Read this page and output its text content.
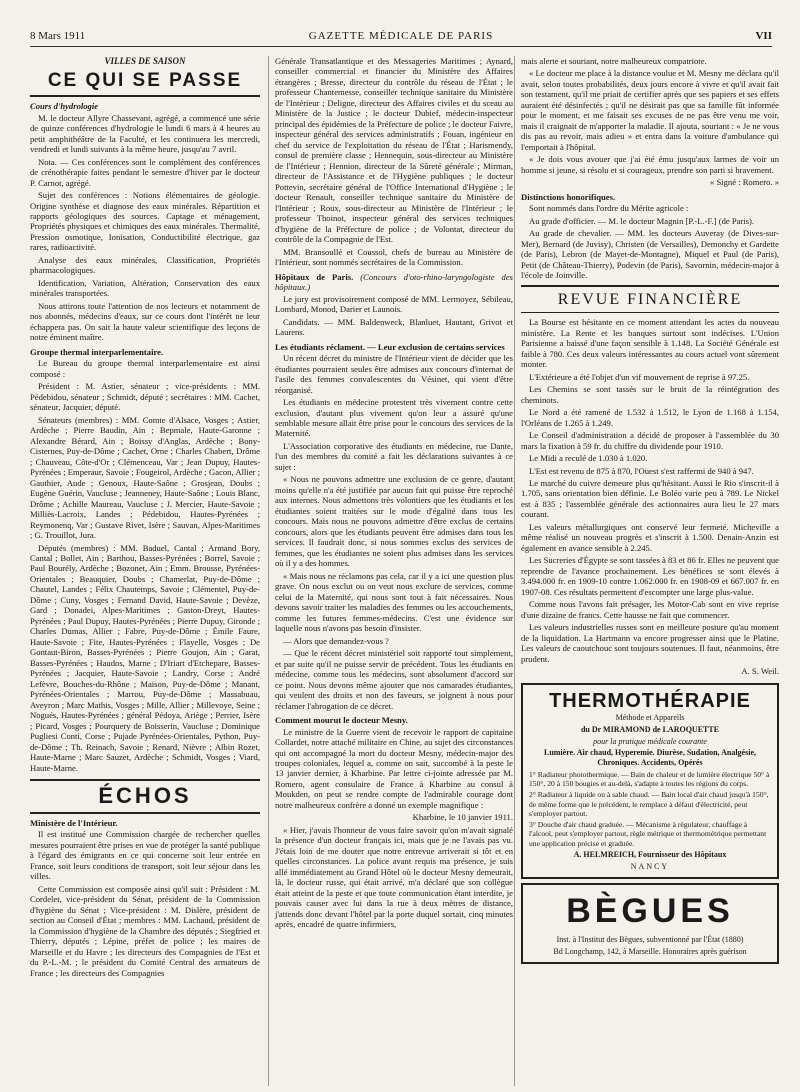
8 Mars 1911	GAZETTE MÉDICALE DE PARIS	VII
VILLES DE SAISON
CE QUI SE PASSE
Cours d'hydrologie

M. le docteur Allyre Chassevant, agrégé, a commencé une série de quinze conférences d'hydrologie le lundi 6 mars à 4 heures au petit amphithéâtre de la Faculté, et les continuera les mercredi, vendredi et lundi suivants à la même heure, jusqu'au 7 avril.

Nota. — Ces conférences sont le complément des conférences de crénothérapie faites pendant le semestre d'hiver par le docteur P. Carnot, agrégé.

Sujet des conférences : Notions élémentaires de géologie. Origine synthèse et diagnose des eaux minérales. Répartition et rapports géologiques des sources. Captage et ménagement, Propriétés physiques et chimiques des eaux minérales. Thermalité, Pression osmotique, Ionisation, Conductibilité électrique, gaz rares, radioactivité.

Analyse des eaux minérales, Classification, Propriétés pharmacologiques.

Identification, Variation, Altération, Conservation des eaux minérales transportées.

Nous attirons toute l'attention de nos lecteurs et notamment de nos abonnés, médecins d'eaux, sur ce cours dont l'intérêt ne leur échappera pas. On sait la haute valeur scientifique des leçons de notre éminent maître.

Groupe thermal interparlementaire.

Le Bureau du groupe thermal interparlementaire est ainsi composé :

Président : M. Astier, sénateur ; vice-présidents : MM. Pédebidou, sénateur ; Schmidt, député ; secrétaires : MM. Cachet, sénateur, Jacquier, député.

Sénateurs (membres) : MM. Comte d'Alsace, Vosges ; Astier, Ardèche ; Pierre Baudin, Ain ; Bepmale, Haute-Garonne ; Alexandre Bérard, Ain ; Boissy d'Anglas, Ardèche ; Bony-Cisternes, Puy-de-Dôme ; Cachet, Orne ; Charles Chabert, Drôme ; Chauveau, Côte-d'Or ; Clémenceau, Var ; Jean Dupuy, Hautes-Pyrénées ; Emperaur, Savoie ; Fougeirol, Ardèche ; Gacon, Allier ; Gauthier, Aude ; Genoux, Haute-Saône ; Grosjean, Doubs ; Eugène Guérin, Vaucluse ; Jeanneney, Haute-Saône ; Louis Blanc, Drôme ; Achille Maureau, Vaucluse ; J. Mercier, Haute-Savoie ; Milliès-Lacroix, Landes ; Pédebidou, Hautes-Pyrénées ; Reymonenq, Var ; Gustave Rivet, Isère ; Sauvan, Alpes-Maritimes ; G. Trouillot, Jura.

Députés (membres) : MM. Baduel, Cantal ; Armand Bory, Cantal ; Bollet, Ain ; Barthou, Basses-Pyrénées ; Borrel, Savoie ; Paul Bourély, Ardèche ; Bozonet, Ain ; Emm. Brousse, Pyrénées-Orientales ; Beauquier, Doubs ; Chamerlat, Puy-de-Dôme ; Chautel, Landes ; Félix Chautemps, Savoie ; Clémentel, Puy-de-Dôme ; Cuny, Vosges ; Fernand David, Haute-Savoie ; Devèze, Gard ; Donadei, Alpes-Maritimes ; Gaston-Dreyt, Hautes-Pyrénées ; Paul Dupuy, Hautes-Pyrénées ; Pierre Dupuy, Gironde ; Charles Dumas, Allier ; Fabre, Puy-de-Dôme ; Émile Faure, Haute-Savoie ; Fite, Hautes-Pyrénées ; Flayelle, Vosges ; De Gontaut-Biron, Basses-Pyrénées ; Pierre Goujon, Ain ; Garat, Basses-Pyrénées ; Haudos, Marne ; D'Iriart d'Etchepare, Basses-Pyrénées ; Jacquier, Haute-Savoie ; Landry, Corse ; André Lefèvre, Bouches-du-Rhône ; Maison, Puy-de-Dôme ; Manant, Pyrénées-Orientales ; Marrou, Puy-de-Dôme ; Massabuau, Aveyron ; Marc Mathis, Vosges ; Mille, Allier ; Millevoye, Seine ; Nogués, Hautes-Pyrénées ; général Pédoya, Ariège ; Perrier, Isère ; Picard, Vosges ; Pourquery de Boisserin, Vaucluse ; Dominique Pugliesi Conti, Corse ; Pujade Pyrénées-Orientales, Python, Puy-de-Dôme ; Th. Reinach, Savoie ; Renard, Nièvre ; Albin Rozet, Haute-Marne ; Marc Sauzet, Ardèche ; Schmidt, Vosges ; Viard, Haute-Marne.

ÉCHOS
Ministère de l'Intérieur.

Il est institué une Commission chargée de rechercher quelles mesures pourraient être prises en vue de protéger la santé publique à l'égard des émigrants en ce qui concerne soit leur entrée en France, soit leurs conditions de transport, soit leur séjour dans les villes.

Cette Commission est composée ainsi qu'il suit : Président : M. Cordelet, vice-président du Sénat, président de la Commission d'hygiène du Sénat ; Vice-président : M. Dislère, président de section au Conseil d'État ; membres : MM. Lachaud, président de la Commission d'hygiène de la Chambre des députés ; Siegfried et Thierry, députés ; Lépine, préfet de police ; les maires de Marseille et du Havre ; les directeurs des Compagnies de l'Est et du P.-L.-M. ; le président du Comité Central des armateurs de France ; les directeurs des Compagnies

Générale Transatlantique et des Messageries Maritimes ; Aynard, conseiller commercial et financier du Ministère des Affaires étrangères ; Bresse, directeur du contrôle du réseau de l'État ; le professeur Chantemesse, conseiller technique sanitaire du Ministère de l'Intérieur ; Deligne, directeur des Affaires civiles et du sceau au Ministère de la Justice ; le docteur Dubief, médecin-inspecteur principal des épidémies de la Préfecture de police ; le docteur Faivre, inspecteur général des services administratifs ; Fouan, ingénieur en chef du service de l'exploitation du réseau de l'État ; Harismendy, consul de première classe ; Hennequin, sous-directeur au Ministère de l'Intérieur ; Hennion, directeur de la Sûreté générale ; Mirman, directeur de l'Assistance et de l'Hygiène publiques ; le docteur Pottevin, secrétaire général de l'Office International d'Hygiène ; le docteur Renault, conseiller technique sanitaire du Ministère de l'Intérieur ; Roux, sous-directeur au Ministère de l'Intérieur ; le professeur Thoinot, inspecteur général des services techniques d'hygiène de la Préfecture de police ; de Volontat, directeur du contrôle de la Compagnie de l'Est.

MM. Bransoullé et Coussol, chefs de bureau au Ministère de l'Intérieur, sont nommés secrétaires de la Commission.

Hôpitaux de Paris. (Concours d'oto-rhino-laryngologiste des hôpitaux.)

Le jury est provisoirement composé de MM. Lermoyez, Sébileau, Lombard, Monod, Darier et Launois.

Candidats. — MM. Baldenweck, Blanluet, Hautant, Grivot et Laurens.

Les étudiants réclament. — Leur exclusion de certains services

Un récent décret du ministre de l'Intérieur vient de décider que les étudiantes pourraient seules être admises aux concours d'internat de l'asile des femmes convalescentes du Vésinet, qui vient d'être réorganisé.

Les étudiants en médecine protestent très vivement contre cette exclusion, d'autant plus vivement qu'on leur a assuré qu'une semblable mesure allait être prise pour le concours des services de la Maternité.

L'Association corporative des étudiants en médecine, rue Dante, l'un des membres du comité a fait les déclarations suivantes à ce sujet :

« Nous ne pouvons admettre une exclusion de ce genre, d'autant moins qu'elle n'a été justifiée par aucun fait qui puisse être reproché aux internes. Nous admettons très volontiers que les étudiants et les étudiantes soient traitées sur le mode d'égalité dans tous les concours. Mais nous ne pouvons admettre d'être exclus de certains concours, alors que les étudiants peuvent être admises dans tous les services. Il faudrait donc, si nous sommes exclus des services de femmes, que les étudiantes ne soient plus admises dans les services où il y a des hommes.

« Mais nous ne réclamons pas cela, car il y a ici une question plus grave. On nous exclut ou on veut nous exclure de services, comme celui de la Maternité, qui nous sont tout à fait nécessaires. Nous devons savoir traiter les maladies des femmes ou les accouchements, comme les futures femmes-médecins. C'est une évidence sur laquelle nous n'avons pas besoin d'insister.

— Alors que demandez-vous ?

— Que le récent décret ministériel soit rapporté tout simplement, et par suite qu'il ne puisse servir de précédent. Tous les étudiants en médecine, comme tous les médecins, sont absolument d'accord sur ce point. Nous devons même ajouter que nos camarades étudiantes, qui veulent des droits et non des faveurs, se joignent à nous pour réclamer l'abrogation de ce décret.

Comment mourut le docteur Mesny.

Le ministre de la Guerre vient de recevoir le rapport de capitaine Collardet, notre attaché militaire en Chine, au sujet des circonstances qui ont accompagné la mort du docteur Mesny, médecin-major des troupes coloniales, lequel a, comme on sait, succombé à la peste le 13 janvier dernier, à Kharbine. Par lettre ci-jointe adressée par M. Romero, agent consulaire de France à Kharbine au consul à Moukden, on peut se rendre compte de l'admirable courage dont notre malheureux confrère a donné un exemple magnifique :

Kharbine, le 10 janvier 1911.

« Hier, j'avais l'honneur de vous faire savoir qu'on m'avait signalé la présence d'un docteur français ici, mais que je ne l'avais pas vu. J'étais loin de me douter que notre entrevue arriverait si tôt et en quelles circonstances. La police avant requis ma présence, je suis allé immédiatement au Grand Hôtel où le docteur Mesny demeurait, là, le docteur russe, qui était arrivé, m'a déclaré que son collègue était atteint de la peste et que toute communication étant interdite, je pouvais causer avec lui dans la rue à deux mètres de distance, j'attends donc devant l'hôtel par la porte duquel sortait, cinq minutes après, encadré de quatre infirmiers,

mais alerte et souriant, notre malheureux compatriote.

« Le docteur me place à la distance voulue et M. Mesny me déclara qu'il avait, selon toutes probabilités, deux jours encore à vivre et qu'il avait fait son testament, qu'il me priait de certifier après que ses papiers et ses effets auraient été désinfectés ; qu'il ne désirait pas que sa famille fût informée pour le moment, et me faisait ses excuses de ne pas être venu me voir, mais il craignait de m'apporter la maladie. Il ajouta, souriant : « Je ne vous dis pas au revoir, mais adieu » et entra dans la voiture d'ambulance qui l'emportait à l'hôpital.

« Je dois vous avouer que j'ai été ému jusqu'aux larmes de voir un homme si jeune, si résolu et si courageux, prendre son parti si bravement.

« Signé : Romero. »

Distinctions honorifiques.

Sont nommés dans l'ordre du Mérite agricole :

Au grade d'officier. — M. le docteur Magnin [P.-L.-F.] (de Paris).

Au grade de chevalier. — MM. les docteurs Auveray (de Dives-sur-Mer), Bernard (de Juvisy), Christen (de Versailles), Demonchy et Gardette (de Paris), Lebron (de Mayet-de-Montagne), Miquel et Paul (de Paris), Petit (de Château-Thierry), Podevin (de Paris), Savornin, médecin-major à l'école de Joinville.

REVUE FINANCIÈRE

La Bourse est hésitante en ce moment attendant les actes du nouveau ministère. La Rente et les banques surtout sont indécises. L'Union Parisienne a baissé d'une façon sensible à 1.148. La Société Générale est faible à 780. Ces deux valeurs intéressantes au cours actuel vont sûrement monter.

L'Extérieure a été l'objet d'un vif mouvement de reprise à 97.25.

Les Chemins se sont tassés sur le bruit de la réintégration des cheminots.

Le Nord a été ramené de 1.532 à 1.512, le Lyon de 1.168 à 1.154, l'Orléans de 1.265 à 1.249.

Le Conseil d'administration a décidé de proposer à l'assemblée du 30 mars la fixation à 59 fr. du chiffre du dividende pour 1910.

Le Midi a reculé de 1.030 à 1.020.

L'Est est revenu de 875 à 870, l'Ouest s'est raffermi de 940 à 947.

Le marché du cuivre demeure plus qu'hésitant. Aussi le Rio s'inscrit-il à 1.705, sans orientation bien définie. Le Boléo varie peu à 789. Le Nickel est à 835 ; l'assemblée générale des actionnaires aura lieu le 27 mars courant.

Les valeurs métallurgiques ont conservé leur fermeté. Micheville a même réalisé un nouveau progrès et s'inscrit à 1.500. Denain-Anzin est également en avance sensible à 2.245.

Les Sucreries d'Égypte se sont tassées à 83 et 86 fr. Elles ne peuvent que reprendre de l'avance prochainement. Les bénéfices se sont élevés à 3.494.000 fr. en 1909-10 contre 1.062.000 fr. en 1908-09 et 667.007 fr. en 1907-08. Ces résultats permettent d'escompter une large plus-value.

Comme nous l'avons fait présager, les Motor-Cab sont en vive reprise d'une dizaine de francs. Cette hausse ne fait que commencer.

Les valeurs industrielles russes sont en meilleure posture qu'au moment de la liquidation. La Hartmann va encore progresser ainsi que le Platine. Les valeurs de caoutchouc sont toujours soutenues. Il faut, néanmoins, être prudent.

A. S. Weil.

THERMOTHÉRAPIE

Méthode et Appareils

du Dr MIRAMOND de LAROQUETTE

pour la pratique médicale courante

Lumière. Air chaud, Hyperemie. Diurèse, Sudation, Analgésie, Chroniques. Accidents, Opérés

1° Radiateur photothermique. — Bain de chaleur et de lumière électrique 50° à 150°, 20 à 150 bougies et au-delà, s'adapte à toutes les régions du corps.

2° Radiateur à liquide ou à sable chaud. — Bain local d'air chaud jusqu'à 150°, de même forme que le précédent, le remplace à défaut d'électricité, peut s'employer partout.

3° Douche d'air chaud graduée. — Mécanisme à régulateur, chauffage à l'alcool, peut s'employer partout, règle métrique et thermométrique permettant une application précise et graduée.

A. HELMREICH, Fournisseur des Hôpitaux

NANCY

BÈGUES

Inst. à l'Institut des Bègues, subventionné par l'État (1880)

Bd Longchamp, 142, à Marseille. Honoraires après guérison
